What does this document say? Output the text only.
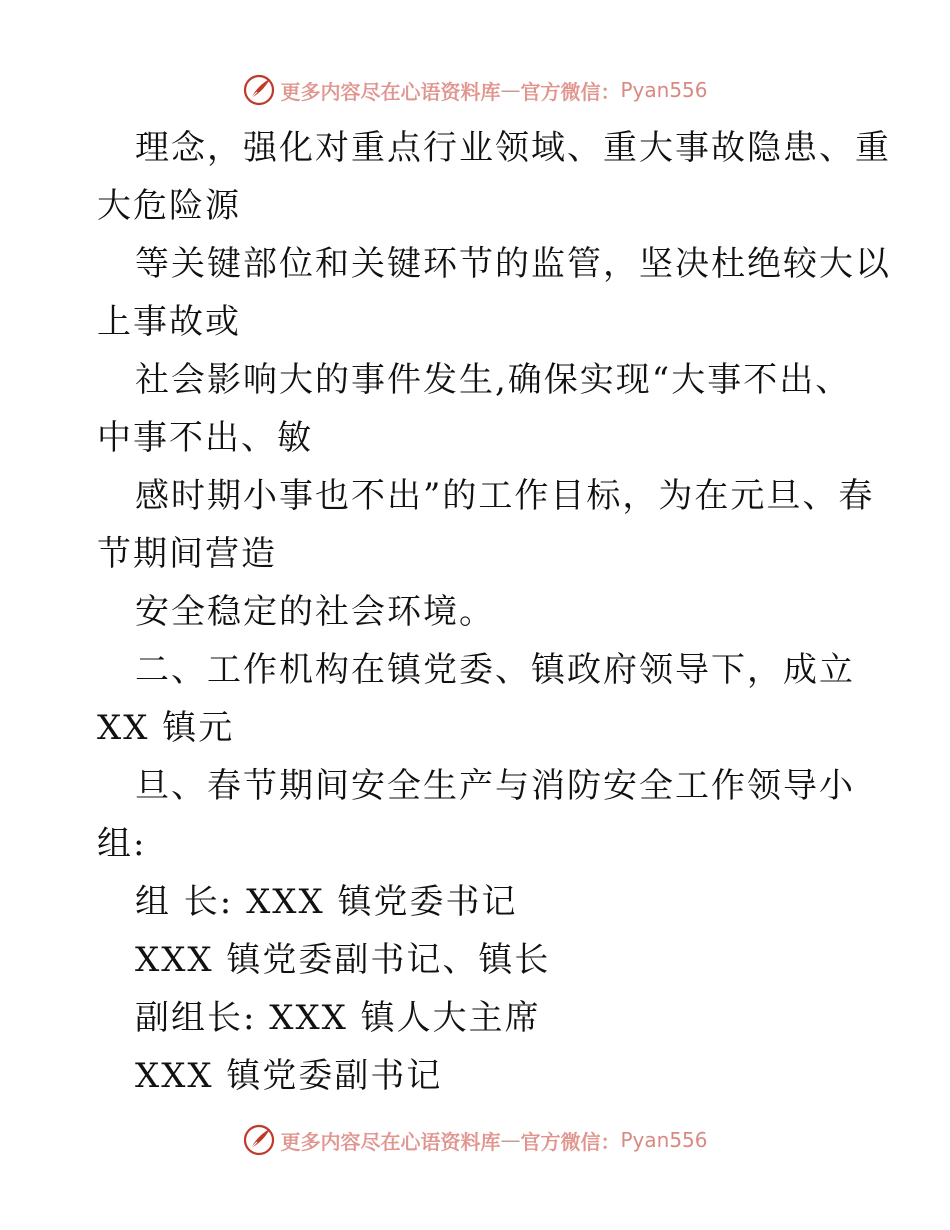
更多内容尽在心语资料库 — 官方微信： Pyan556
理念，强化对重点行业领域、重大事故隐患、重
大危险源
等关键部位和关键环节的监管，坚决杜绝较大以
上事故或
社会影响大的事件发生,确保实现“大事不出、
中事不出、敏
感时期小事也不出”的工作目标，为在元旦、春
节期间营造
安全稳定的社会环境。
二、工作机构在镇党委、镇政府领导下，成立
XX 镇元
旦、春节期间安全生产与消防安全工作领导小
组:
组 长: XXX 镇党委书记
XXX 镇党委副书记、镇长
副组长: XXX 镇人大主席
XXX 镇党委副书记
更多内容尽在心语资料库 — 官方微信： Pyan556
